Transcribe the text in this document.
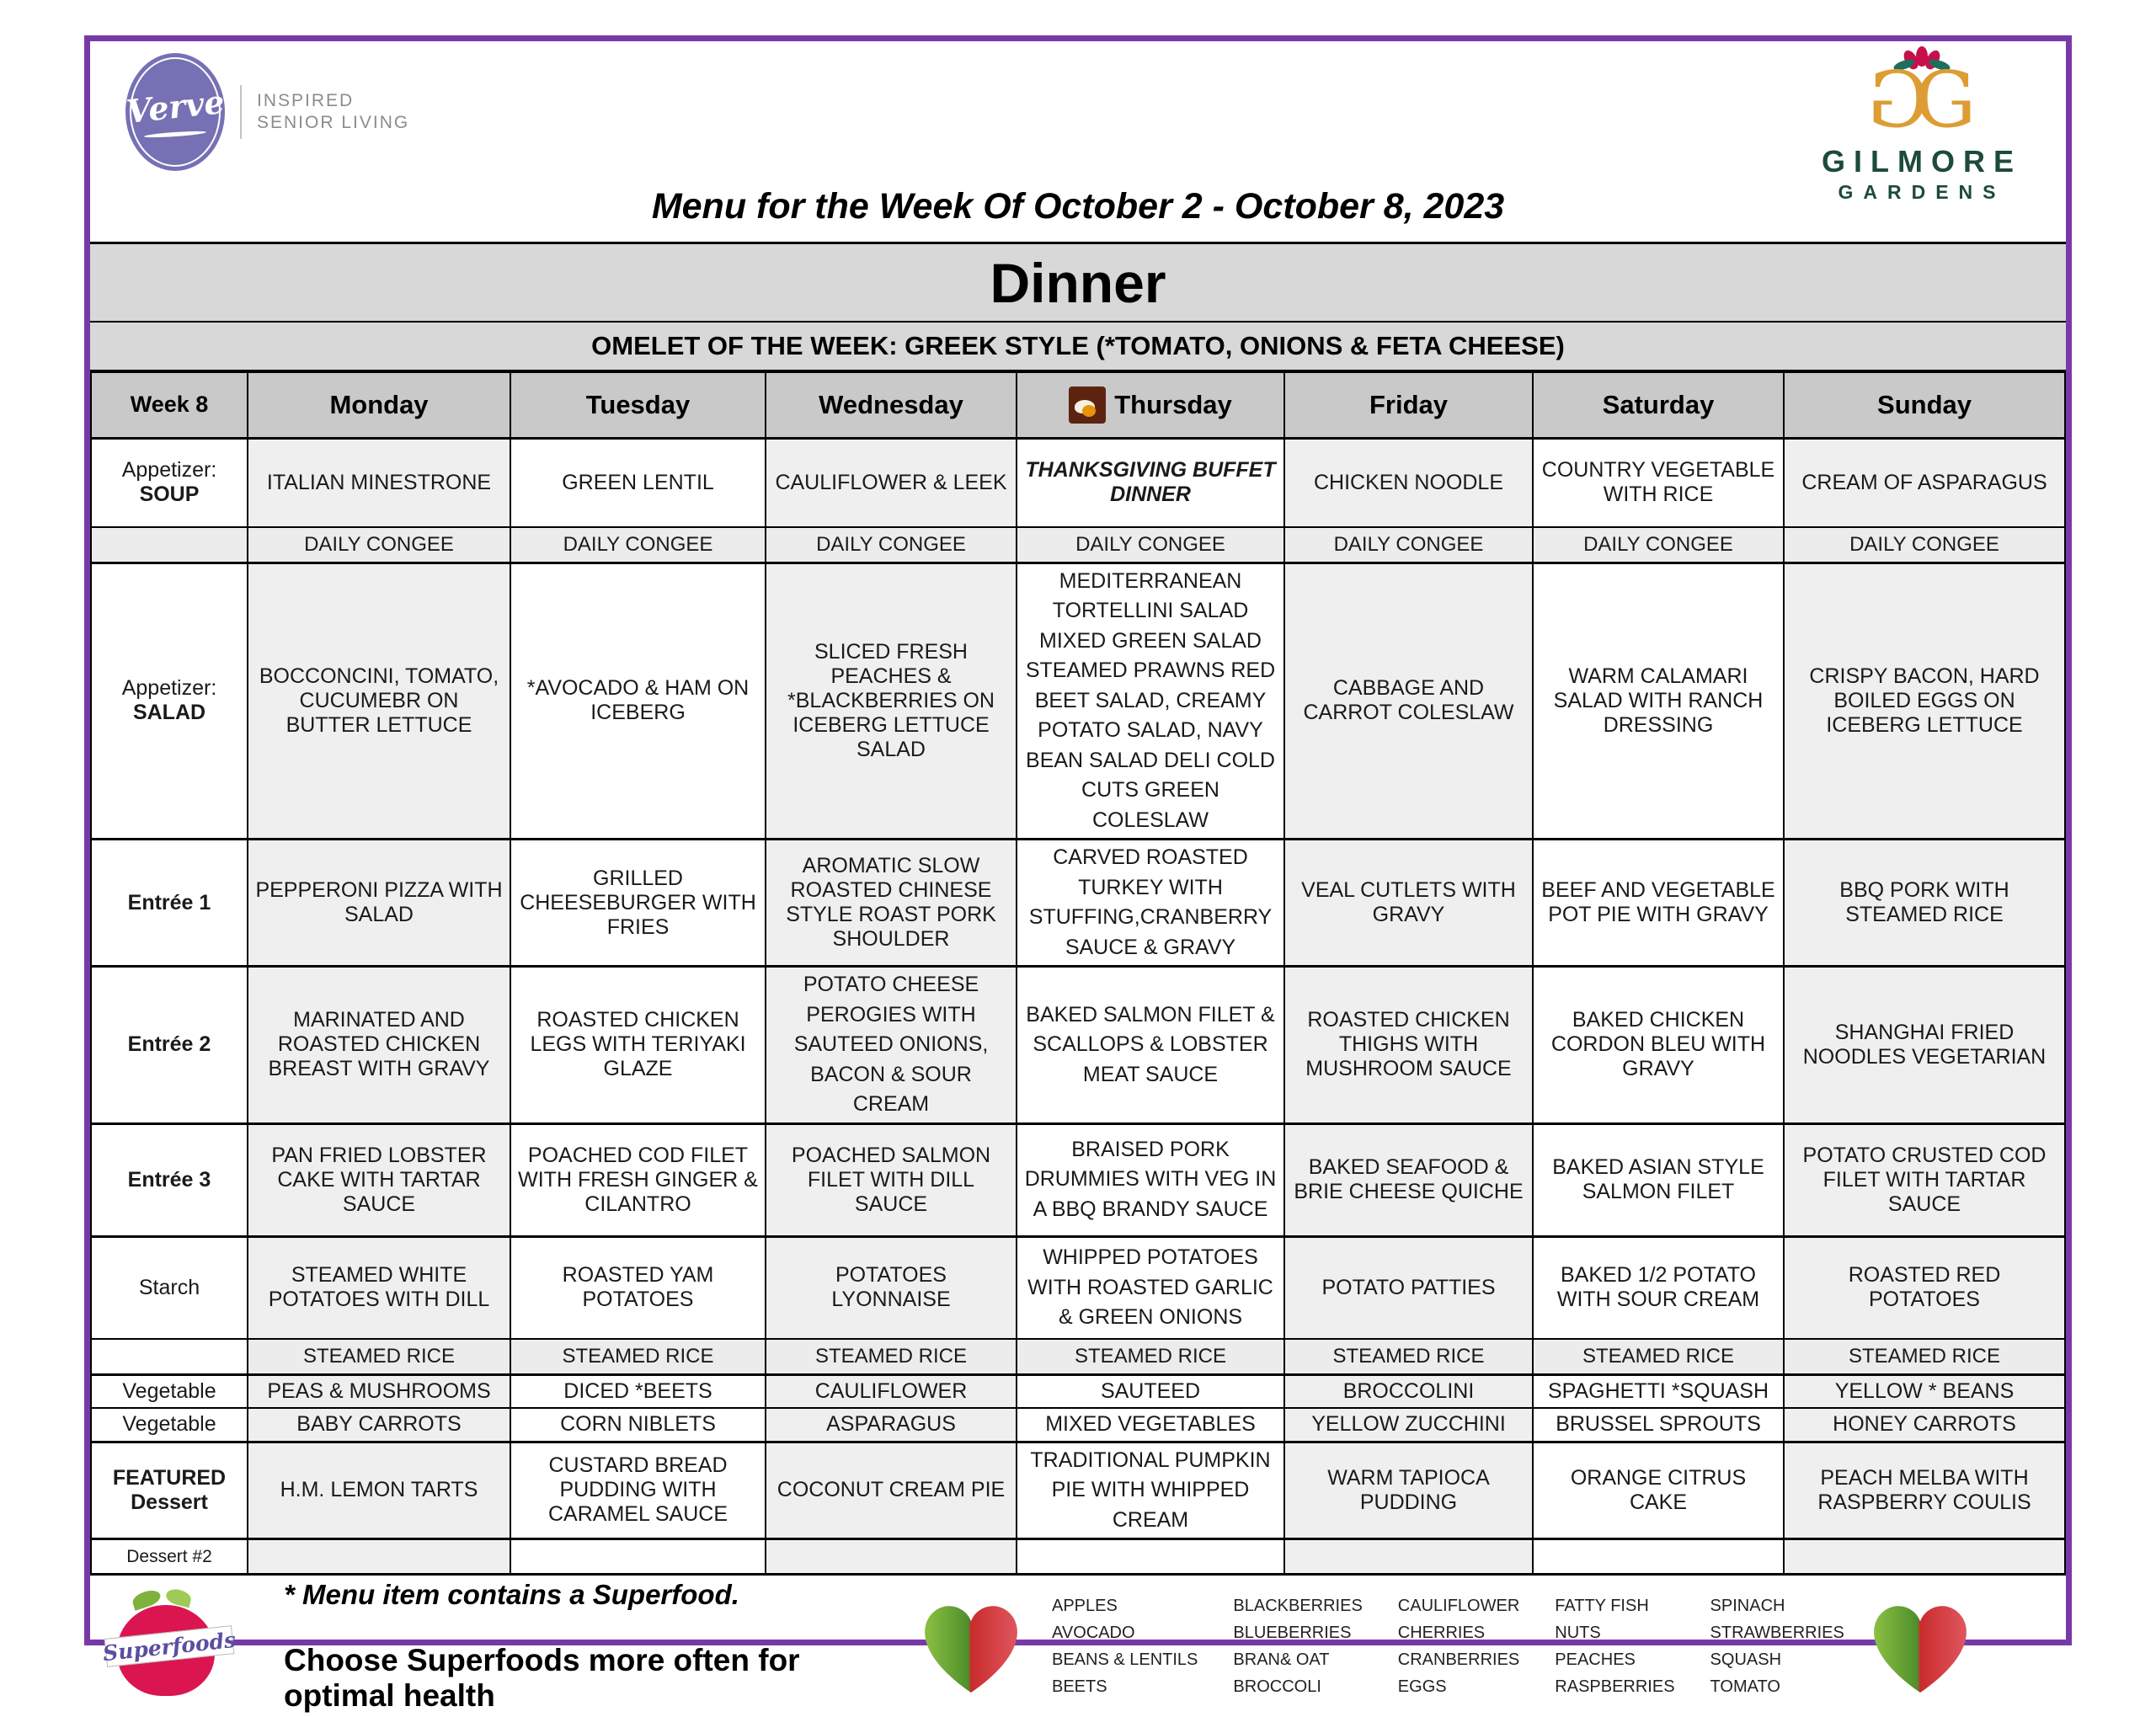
Verve INSPIRED
SENIOR LIVING	G
G
GILMORE
GARDENS
Menu for the Week Of October 2 - October 8, 2023
Dinner
OMELET OF THE WEEK: GREEK STYLE (*TOMATO, ONIONS & FETA CHEESE)
Week 8	Monday	Tuesday	Wednesday	Thursday	Friday	Saturday	Sunday
Appetizer:
SOUP	ITALIAN MINESTRONE	GREEN LENTIL	CAULIFLOWER & LEEK	THANKSGIVING BUFFET DINNER	CHICKEN NOODLE	COUNTRY VEGETABLE WITH RICE	CREAM OF ASPARAGUS
	DAILY CONGEE	DAILY CONGEE	DAILY CONGEE	DAILY CONGEE	DAILY CONGEE	DAILY CONGEE	DAILY CONGEE
Appetizer:
SALAD	BOCCONCINI, TOMATO, CUCUMEBR ON BUTTER LETTUCE	*AVOCADO & HAM ON ICEBERG	SLICED FRESH PEACHES & *BLACKBERRIES ON ICEBERG LETTUCE SALAD	MEDITERRANEAN TORTELLINI SALAD MIXED GREEN SALAD STEAMED PRAWNS RED BEET SALAD, CREAMY POTATO SALAD, NAVY BEAN SALAD DELI COLD CUTS GREEN COLESLAW	CABBAGE AND CARROT COLESLAW	WARM CALAMARI SALAD WITH RANCH DRESSING	CRISPY BACON, HARD BOILED EGGS ON ICEBERG LETTUCE
Entrée 1	PEPPERONI PIZZA WITH SALAD	GRILLED CHEESEBURGER WITH FRIES	AROMATIC SLOW ROASTED CHINESE STYLE ROAST PORK SHOULDER	CARVED ROASTED TURKEY WITH STUFFING,CRANBERRY SAUCE & GRAVY	VEAL CUTLETS WITH GRAVY	BEEF AND VEGETABLE POT PIE WITH GRAVY	BBQ PORK WITH STEAMED RICE
Entrée 2	MARINATED AND ROASTED CHICKEN BREAST WITH GRAVY	ROASTED CHICKEN LEGS WITH TERIYAKI GLAZE	POTATO CHEESE PEROGIES WITH SAUTEED ONIONS, BACON & SOUR CREAM	BAKED SALMON FILET & SCALLOPS & LOBSTER MEAT SAUCE	ROASTED CHICKEN THIGHS WITH MUSHROOM SAUCE	BAKED CHICKEN CORDON BLEU WITH GRAVY	SHANGHAI FRIED NOODLES VEGETARIAN
Entrée 3	PAN FRIED LOBSTER CAKE WITH TARTAR SAUCE	POACHED COD FILET WITH FRESH GINGER & CILANTRO	POACHED SALMON FILET WITH DILL SAUCE	BRAISED PORK DRUMMIES WITH VEG IN A BBQ BRANDY SAUCE	BAKED SEAFOOD & BRIE CHEESE QUICHE	BAKED ASIAN STYLE SALMON FILET	POTATO CRUSTED COD FILET WITH TARTAR SAUCE
Starch	STEAMED WHITE POTATOES WITH DILL	ROASTED YAM POTATOES	POTATOES LYONNAISE	WHIPPED POTATOES WITH ROASTED GARLIC & GREEN ONIONS	POTATO PATTIES	BAKED 1/2 POTATO WITH SOUR CREAM	ROASTED RED POTATOES
	STEAMED RICE	STEAMED RICE	STEAMED RICE	STEAMED RICE	STEAMED RICE	STEAMED RICE	STEAMED RICE
Vegetable	PEAS & MUSHROOMS	DICED *BEETS	CAULIFLOWER	SAUTEED	BROCCOLINI	SPAGHETTI *SQUASH	YELLOW * BEANS
Vegetable	BABY CARROTS	CORN NIBLETS	ASPARAGUS	MIXED VEGETABLES	YELLOW ZUCCHINI	BRUSSEL SPROUTS	HONEY CARROTS
FEATURED
Dessert	H.M. LEMON TARTS	CUSTARD BREAD PUDDING WITH CARAMEL SAUCE	COCONUT CREAM PIE	TRADITIONAL PUMPKIN PIE WITH WHIPPED CREAM	WARM TAPIOCA PUDDING	ORANGE CITRUS CAKE	PEACH MELBA WITH RASPBERRY COULIS
Dessert #2							
Superfoods
* Menu item contains a Superfood.
Choose Superfoods more often for optimal health
APPLES
AVOCADO
BEANS & LENTILS
BEETS
BLACKBERRIES
BLUEBERRIES
BRAN& OAT
BROCCOLI
CAULIFLOWER
CHERRIES
CRANBERRIES
EGGS
FATTY FISH
NUTS
PEACHES
RASPBERRIES
SPINACH
STRAWBERRIES
SQUASH
TOMATO
